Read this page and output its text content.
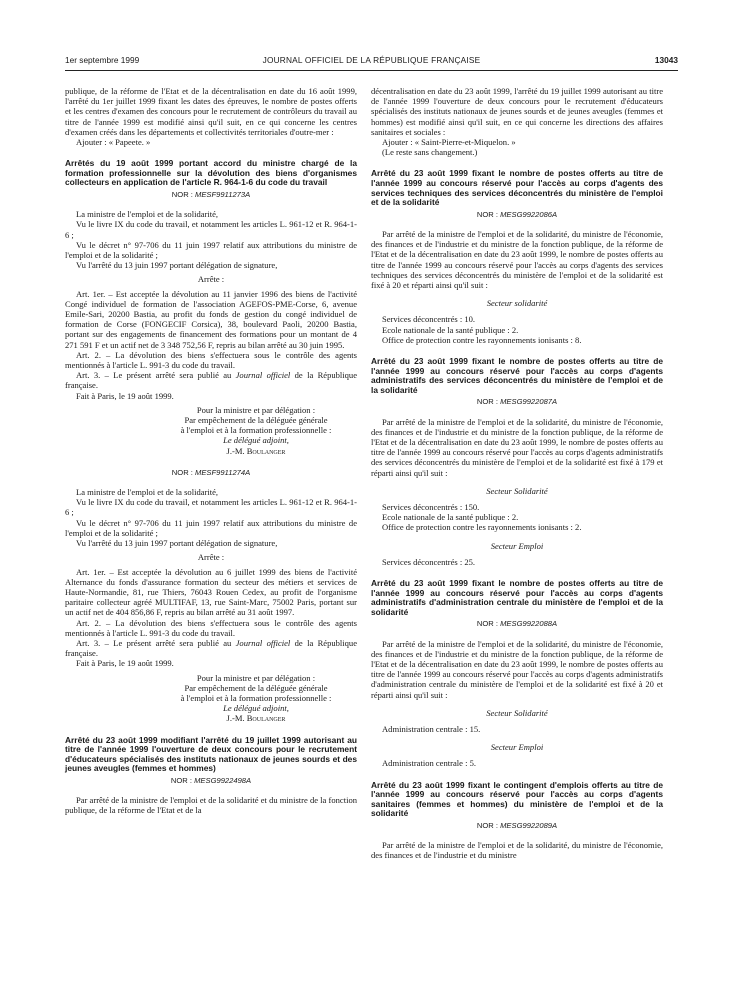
1er septembre 1999	JOURNAL OFFICIEL DE LA RÉPUBLIQUE FRANÇAISE	13043

publique, de la réforme de l'Etat et de la décentralisation en date du 16 août 1999, l'arrêté du 1er juillet 1999 fixant les dates des épreuves, le nombre de postes offerts et les centres d'examen des concours pour le recrutement de contrôleurs du travail au titre de l'année 1999 est modifié ainsi qu'il suit, en ce qui concerne les centres d'examen créés dans les départements et collectivités territoriales d'outre-mer :

Ajouter : « Papeete. »

Arrêtés du 19 août 1999 portant accord du ministre chargé de la formation professionnelle sur la dévolution des biens d'organismes collecteurs en application de l'article R. 964-1-6 du code du travail

NOR : MESF9911273A

La ministre de l'emploi et de la solidarité,

Vu le livre IX du code du travail, et notamment les articles L. 961-12 et R. 964-1-6 ;

Vu le décret n° 97-706 du 11 juin 1997 relatif aux attributions du ministre de l'emploi et de la solidarité ;

Vu l'arrêté du 13 juin 1997 portant délégation de signature,

Arrête :

Art. 1er. – Est acceptée la dévolution au 11 janvier 1996 des biens de l'activité Congé individuel de formation de l'association AGEFOS-PME-Corse, 6, avenue Emile-Sari, 20200 Bastia, au profit du fonds de gestion du congé individuel de formation de Corse (FONGECIF Corsica), 38, boulevard Paoli, 20200 Bastia, portant sur des engagements de financement des formations pour un montant de 4 271 591 F et un actif net de 3 348 752,56 F, repris au bilan arrêté au 30 juin 1995.

Art. 2. – La dévolution des biens s'effectuera sous le contrôle des agents mentionnés à l'article L. 991-3 du code du travail.

Art. 3. – Le présent arrêté sera publié au Journal officiel de la République française.

Fait à Paris, le 19 août 1999.

Pour la ministre et par délégation :
Par empêchement de la déléguée générale
à l'emploi et à la formation professionnelle :
Le délégué adjoint,
J.-M. Boulanger

NOR : MESF9911274A

La ministre de l'emploi et de la solidarité,

Vu le livre IX du code du travail, et notamment les articles L. 961-12 et R. 964-1-6 ;

Vu le décret n° 97-706 du 11 juin 1997 relatif aux attributions du ministre de l'emploi et de la solidarité ;

Vu l'arrêté du 13 juin 1997 portant délégation de signature,

Arrête :

Art. 1er. – Est acceptée la dévolution au 6 juillet 1999 des biens de l'activité Alternance du fonds d'assurance formation du secteur des métiers et services de Haute-Normandie, 81, rue Thiers, 76043 Rouen Cedex, au profit de l'organisme paritaire collecteur agréé MULTIFAF, 13, rue Saint-Marc, 75002 Paris, portant sur un actif net de 404 856,86 F, repris au bilan arrêté au 31 août 1997.

Art. 2. – La dévolution des biens s'effectuera sous le contrôle des agents mentionnés à l'article L. 991-3 du code du travail.

Art. 3. – Le présent arrêté sera publié au Journal officiel de la République française.

Fait à Paris, le 19 août 1999.

Pour la ministre et par délégation :
Par empêchement de la déléguée générale
à l'emploi et à la formation professionnelle :
Le délégué adjoint,
J.-M. Boulanger

Arrêté du 23 août 1999 modifiant l'arrêté du 19 juillet 1999 autorisant au titre de l'année 1999 l'ouverture de deux concours pour le recrutement d'éducateurs spécialisés des instituts nationaux de jeunes sourds et des jeunes aveugles (femmes et hommes)

NOR : MESG9922498A

Par arrêté de la ministre de l'emploi et de la solidarité et du ministre de la fonction publique, de la réforme de l'Etat et de la

décentralisation en date du 23 août 1999, l'arrêté du 19 juillet 1999 autorisant au titre de l'année 1999 l'ouverture de deux concours pour le recrutement d'éducateurs spécialisés des instituts nationaux de jeunes sourds et de jeunes aveugles (femmes et hommes) est modifié ainsi qu'il suit, en ce qui concerne les directions des affaires sanitaires et sociales :

Ajouter : « Saint-Pierre-et-Miquelon. »

(Le reste sans changement.)

Arrêté du 23 août 1999 fixant le nombre de postes offerts au titre de l'année 1999 au concours réservé pour l'accès au corps d'agents des services techniques des services déconcentrés du ministère de l'emploi et de la solidarité

NOR : MESG9922086A

Par arrêté de la ministre de l'emploi et de la solidarité, du ministre de l'économie, des finances et de l'industrie et du ministre de la fonction publique, de la réforme de l'Etat et de la décentralisation en date du 23 août 1999, le nombre de postes offerts au titre de l'année 1999 au concours réservé pour l'accès au corps d'agents des services techniques des services déconcentrés du ministère de l'emploi et de la solidarité est fixé à 20 et réparti ainsi qu'il suit :

Secteur solidarité

Services déconcentrés : 10.

Ecole nationale de la santé publique : 2.

Office de protection contre les rayonnements ionisants : 8.

Arrêté du 23 août 1999 fixant le nombre de postes offerts au titre de l'année 1999 au concours réservé pour l'accès au corps d'agents administratifs des services déconcentrés du ministère de l'emploi et de la solidarité

NOR : MESG9922087A

Par arrêté de la ministre de l'emploi et de la solidarité, du ministre de l'économie, des finances et de l'industrie et du ministre de la fonction publique, de la réforme de l'Etat et de la décentralisation en date du 23 août 1999, le nombre de postes offerts au titre de l'année 1999 au concours réservé pour l'accès au corps d'agents administratifs des services déconcentrés du ministère de l'emploi et de la solidarité est fixé à 179 et réparti ainsi qu'il suit :

Secteur Solidarité

Services déconcentrés : 150.

Ecole nationale de la santé publique : 2.

Office de protection contre les rayonnements ionisants : 2.

Secteur Emploi

Services déconcentrés : 25.

Arrêté du 23 août 1999 fixant le nombre de postes offerts au titre de l'année 1999 au concours réservé pour l'accès au corps d'agents administratifs d'administration centrale du ministère de l'emploi et de la solidarité

NOR : MESG9922088A

Par arrêté de la ministre de l'emploi et de la solidarité, du ministre de l'économie, des finances et de l'industrie et du ministre de la fonction publique, de la réforme de l'Etat et de la décentralisation en date du 23 août 1999, le nombre de postes offerts au titre de l'année 1999 au concours réservé pour l'accès au corps d'agents administratifs d'administration centrale du ministère de l'emploi et de la solidarité est fixé à 20 et réparti ainsi qu'il suit :

Secteur Solidarité

Administration centrale : 15.

Secteur Emploi

Administration centrale : 5.

Arrêté du 23 août 1999 fixant le contingent d'emplois offerts au titre de l'année 1999 au concours réservé pour l'accès au corps d'agents sanitaires (femmes et hommes) du ministère de l'emploi et de la solidarité

NOR : MESG9922089A

Par arrêté de la ministre de l'emploi et de la solidarité, du ministre de l'économie, des finances et de l'industrie et du ministre
